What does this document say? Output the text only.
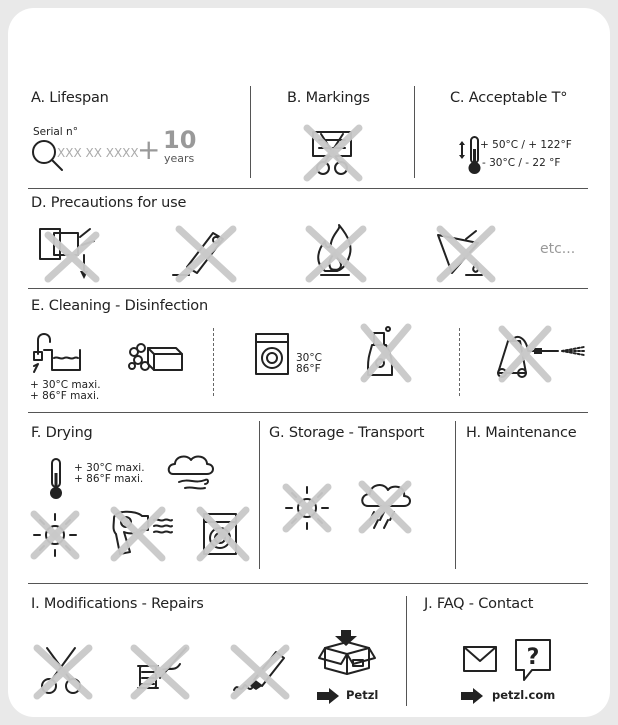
A. Lifespan	B. Markings	C. Acceptable T°
Serial n°
XXX XX XXXX
+ 10
years
+ 50°C / + 122°F
- 30°C / - 22 °F
D. Precautions for use
etc...
E. Cleaning - Disinfection
+ 30°C maxi.
+ 86°F maxi.
30°C
86°F
F. Drying	G. Storage - Transport	H. Maintenance
+ 30°C maxi.
+ 86°F maxi.
I. Modifications - Repairs	J. FAQ - Contact
Petzl
?
petzl.com
